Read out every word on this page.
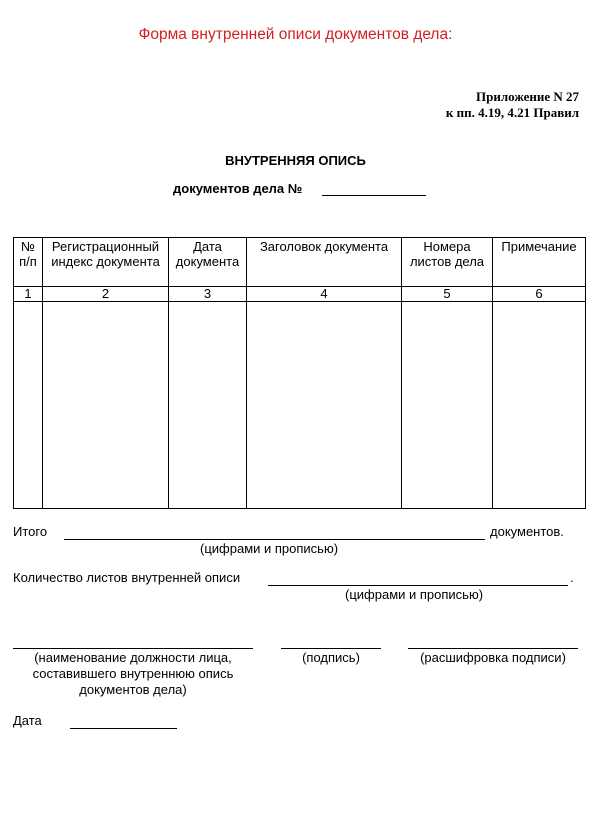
Форма внутренней описи документов дела:
Приложение N 27
к пп. 4.19, 4.21 Правил
ВНУТРЕННЯЯ ОПИСЬ
документов дела №
№ п/п	Регистрационный индекс документа	Дата документа	Заголовок документа	Номера листов дела	Примечание
1	2	3	4	5	6

Итого	документов.
(цифрами и прописью)
Количество листов внутренней описи	.
(цифрами и прописью)
(наименование должности лица, составившего внутреннюю опись документов дела)
(подпись)	(расшифровка подписи)
Дата
